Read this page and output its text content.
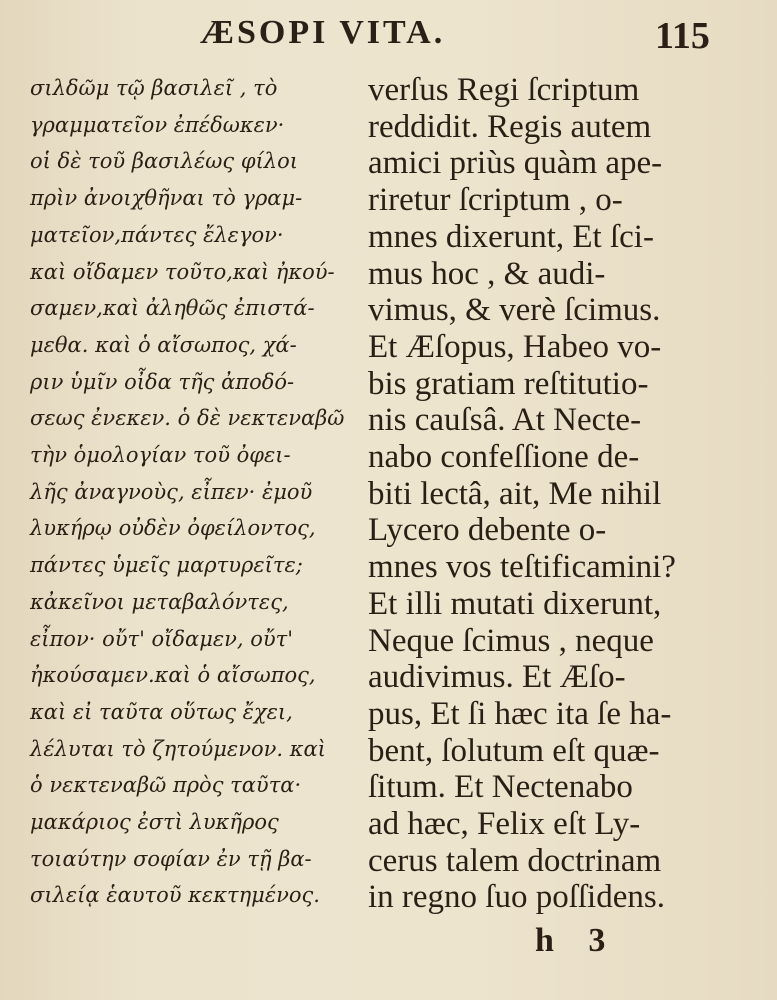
ÆSOPI VITA.	115
σιλδῶμ τῷ βασιλεῖ , τὸ
γραμματεῖον ἐπέδωκεν·
οἱ δὲ τοῦ βασιλέως φίλοι
πρὶν ἀνοιχθῆναι τὸ γραμ-
ματεῖον,πάντες ἔλεγον·
καὶ οἴδαμεν τοῦτο,καὶ ἠκού-
σαμεν,καὶ ἀληθῶς ἐπιστά-
μεθα. καὶ ὁ αἴσωπος, χά-
ριν ὑμῖν οἶδα τῆς ἀποδό-
σεως ἐνεκεν. ὁ δὲ νεκτεναβῶ
τὴν ὁμολογίαν τοῦ ὀφει-
λῆς ἀναγνοὺς, εἶπεν· ἐμοῦ
λυκήρῳ οὐδὲν ὀφείλοντος,
πάντες ὑμεῖς μαρτυρεῖτε;
κἀκεῖνοι μεταβαλόντες,
εἶπον· οὔτ' οἴδαμεν, οὔτ'
ἠκούσαμεν.καὶ ὁ αἴσωπος,
καὶ εἰ ταῦτα οὕτως ἔχει,
λέλυται τὸ ζητούμενον. καὶ
ὁ νεκτεναβῶ πρὸς ταῦτα·
μακάριος ἐστὶ λυκῆρος
τοιαύτην σοφίαν ἐν τῇ βα-
σιλείᾳ ἑαυτοῦ κεκτημένος.
verſus Regi ſcriptum
reddidit. Regis autem
amici priùs quàm ape-
riretur ſcriptum , o-
mnes dixerunt, Et ſci-
mus hoc , & audi-
vimus, & verè ſcimus.
Et Æſopus, Habeo vo-
bis gratiam reſtitutio-
nis cauſsâ. At Necte-
nabo confeſſione de-
biti lectâ, ait, Me nihil
Lycero debente o-
mnes vos teſtificamini?
Et illi mutati dixerunt,
Neque ſcimus , neque
audivimus. Et Æſo-
pus, Et ſi hæc ita ſe ha-
bent, ſolutum eſt quæ-
ſitum. Et Nectenabo
ad hæc, Felix eſt Ly-
cerus talem doctrinam
in regno ſuo poſſidens.
h 3
